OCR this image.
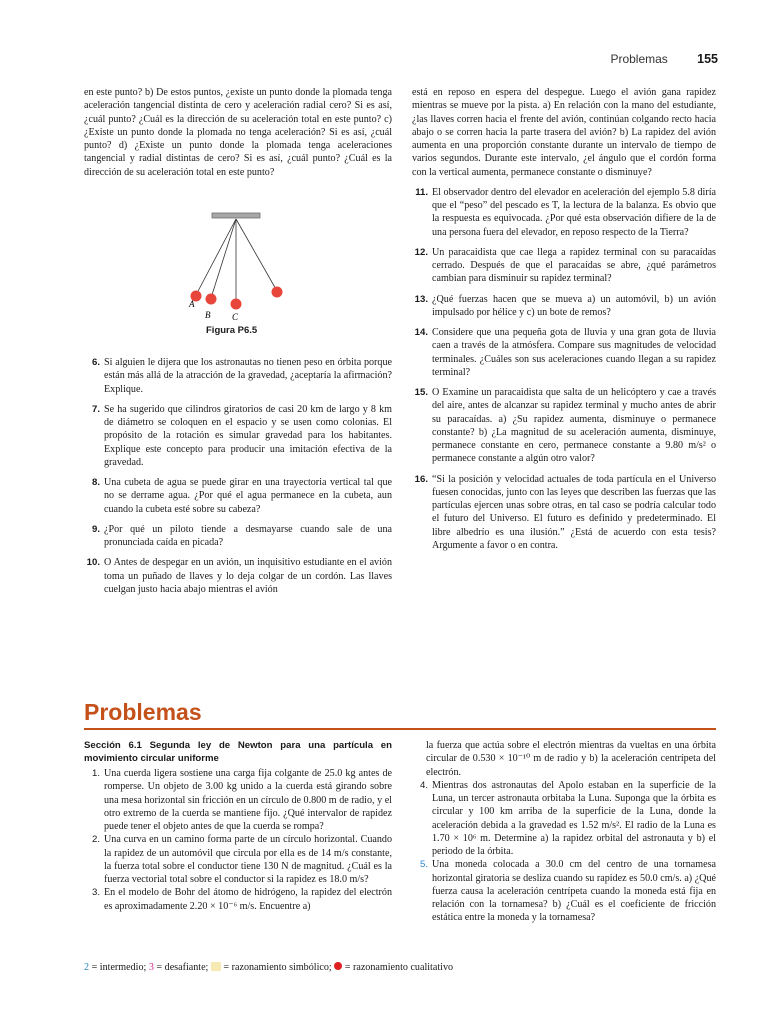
Problemas 155

en este punto? b) De estos puntos, ¿existe un punto donde la plomada tenga aceleración tangencial distinta de cero y aceleración radial cero? Si es así, ¿cuál punto? ¿Cuál es la dirección de su aceleración total en este punto? c) ¿Existe un punto donde la plomada no tenga aceleración? Si es así, ¿cuál punto? d) ¿Existe un punto donde la plomada tenga aceleraciones tangencial y radial distintas de cero? Si es así, ¿cuál punto? ¿Cuál es la dirección de su aceleración total en este punto?

A
B C
Figura P6.5
6. Si alguien le dijera que los astronautas no tienen peso en órbita porque están más allá de la atracción de la gravedad, ¿aceptaría la afirmación? Explique.

7. Se ha sugerido que cilindros giratorios de casi 20 km de largo y 8 km de diámetro se coloquen en el espacio y se usen como colonias. El propósito de la rotación es simular gravedad para los habitantes. Explique este concepto para producir una imitación efectiva de la gravedad.

8. Una cubeta de agua se puede girar en una trayectoria vertical tal que no se derrame agua. ¿Por qué el agua permanece en la cubeta, aun cuando la cubeta esté sobre su cabeza?

9. ¿Por qué un piloto tiende a desmayarse cuando sale de una pronunciada caída en picada?

10. O Antes de despegar en un avión, un inquisitivo estudiante en el avión toma un puñado de llaves y lo deja colgar de un cordón. Las llaves cuelgan justo hacia abajo mientras el avión

está en reposo en espera del despegue. Luego el avión gana rapidez mientras se mueve por la pista. a) En relación con la mano del estudiante, ¿las llaves corren hacia el frente del avión, continúan colgando recto hacia abajo o se corren hacia la parte trasera del avión? b) La rapidez del avión aumenta en una proporción constante durante un intervalo de tiempo de varios segundos. Durante este intervalo, ¿el ángulo que el cordón forma con la vertical aumenta, permanece constante o disminuye?

11. El observador dentro del elevador en aceleración del ejemplo 5.8 diría que el “peso” del pescado es T, la lectura de la balanza. Es obvio que la respuesta es equivocada. ¿Por qué esta observación difiere de la de una persona fuera del elevador, en reposo respecto de la Tierra?

12. Un paracaidista que cae llega a rapidez terminal con su paracaídas cerrado. Después de que el paracaídas se abre, ¿qué parámetros cambian para disminuir su rapidez terminal?

13. ¿Qué fuerzas hacen que se mueva a) un automóvil, b) un avión impulsado por hélice y c) un bote de remos?

14. Considere que una pequeña gota de lluvia y una gran gota de lluvia caen a través de la atmósfera. Compare sus magnitudes de velocidad terminales. ¿Cuáles son sus aceleraciones cuando llegan a su rapidez terminal?

15. O Examine un paracaidista que salta de un helicóptero y cae a través del aire, antes de alcanzar su rapidez terminal y mucho antes de abrir su paracaídas. a) ¿Su rapidez aumenta, disminuye o permanece constante? b) ¿La magnitud de su aceleración aumenta, disminuye, permanece constante en cero, permanece constante a 9.80 m/s² o permanece constante a algún otro valor?

16. “Si la posición y velocidad actuales de toda partícula en el Universo fuesen conocidas, junto con las leyes que describen las fuerzas que las partículas ejercen unas sobre otras, en tal caso se podría calcular todo el futuro del Universo. El futuro es definido y predeterminado. El libre albedrío es una ilusión.” ¿Está de acuerdo con esta tesis? Argumente a favor o en contra.

Problemas
Sección 6.1 Segunda ley de Newton para una partícula en movimiento circular uniforme
1. Una cuerda ligera sostiene una carga fija colgante de 25.0 kg antes de romperse. Un objeto de 3.00 kg unido a la cuerda está girando sobre una mesa horizontal sin fricción en un círculo de 0.800 m de radio, y el otro extremo de la cuerda se mantiene fijo. ¿Qué intervalor de rapidez puede tener el objeto antes de que la cuerda se rompa?

2. Una curva en un camino forma parte de un círculo horizontal. Cuando la rapidez de un automóvil que circula por ella es de 14 m/s constante, la fuerza total sobre el conductor tiene 130 N de magnitud. ¿Cuál es la fuerza vectorial total sobre el conductor si la rapidez es 18.0 m/s?

3. En el modelo de Bohr del átomo de hidrógeno, la rapidez del electrón es aproximadamente 2.20 × 10⁻⁶ m/s. Encuentre a)

la fuerza que actúa sobre el electrón mientras da vueltas en una órbita circular de 0.530 × 10⁻¹⁰ m de radio y b) la aceleración centrípeta del electrón.

4. Mientras dos astronautas del Apolo estaban en la superficie de la Luna, un tercer astronauta orbitaba la Luna. Suponga que la órbita es circular y 100 km arriba de la superficie de la Luna, donde la aceleración debida a la gravedad es 1.52 m/s². El radio de la Luna es 1.70 × 10⁶ m. Determine a) la rapidez orbital del astronauta y b) el periodo de la órbita.

5. Una moneda colocada a 30.0 cm del centro de una tornamesa horizontal giratoria se desliza cuando su rapidez es 50.0 cm/s. a) ¿Qué fuerza causa la aceleración centrípeta cuando la moneda está fija en relación con la tornamesa? b) ¿Cuál es el coeficiente de fricción estática entre la moneda y la tornamesa?

2 = intermedio; 3 = desafiante;  = razonamiento simbólico;  = razonamiento cualitativo
